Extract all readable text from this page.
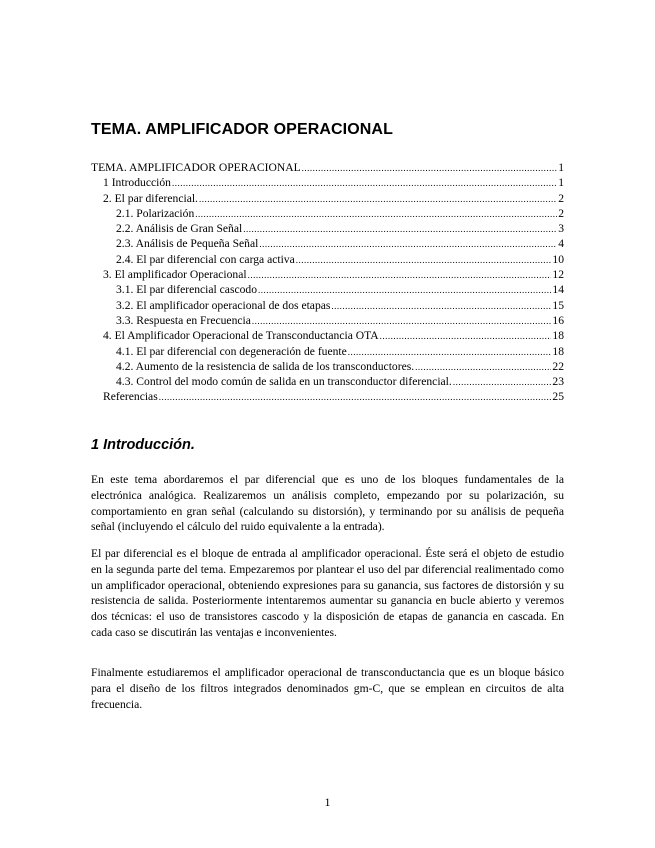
TEMA. AMPLIFICADOR OPERACIONAL
TEMA. AMPLIFICADOR OPERACIONAL .....	1
1 Introducción .....	1
2. El par diferencial. .....	2
2.1. Polarización .....	2
2.2. Análisis de Gran Señal .....	3
2.3. Análisis de Pequeña Señal .....	4
2.4. El par diferencial con carga activa .....	10
3. El amplificador Operacional .....	12
3.1. El par diferencial cascodo .....	14
3.2. El amplificador operacional de dos etapas .....	15
3.3. Respuesta en Frecuencia .....	16
4. El Amplificador Operacional de Transconductancia OTA .....	18
4.1. El par diferencial con degeneración de fuente .....	18
4.2. Aumento de la resistencia de salida de los transconductores. .....	22
4.3. Control del modo común de salida en un transconductor diferencial. .....	23
Referencias .....	25
1 Introducción.

En este tema abordaremos el par diferencial que es uno de los bloques fundamentales de la electrónica analógica. Realizaremos un análisis completo, empezando por su polarización, su comportamiento en gran señal (calculando su distorsión), y terminando por su análisis de pequeña señal (incluyendo el cálculo del ruido equivalente a la entrada).

El par diferencial es el bloque de entrada al amplificador operacional. Éste será el objeto de estudio en la segunda parte del tema. Empezaremos por plantear el uso del par diferencial realimentado como un amplificador operacional, obteniendo expresiones para su ganancia, sus factores de distorsión y su resistencia de salida. Posteriormente intentaremos aumentar su ganancia en bucle abierto y veremos dos técnicas: el uso de transistores cascodo y la disposición de etapas de ganancia en cascada. En cada caso se discutirán las ventajas e inconvenientes.

Finalmente estudiaremos el amplificador operacional de transconductancia que es un bloque básico para el diseño de los filtros integrados denominados gm-C, que se emplean en circuitos de alta frecuencia.

1
